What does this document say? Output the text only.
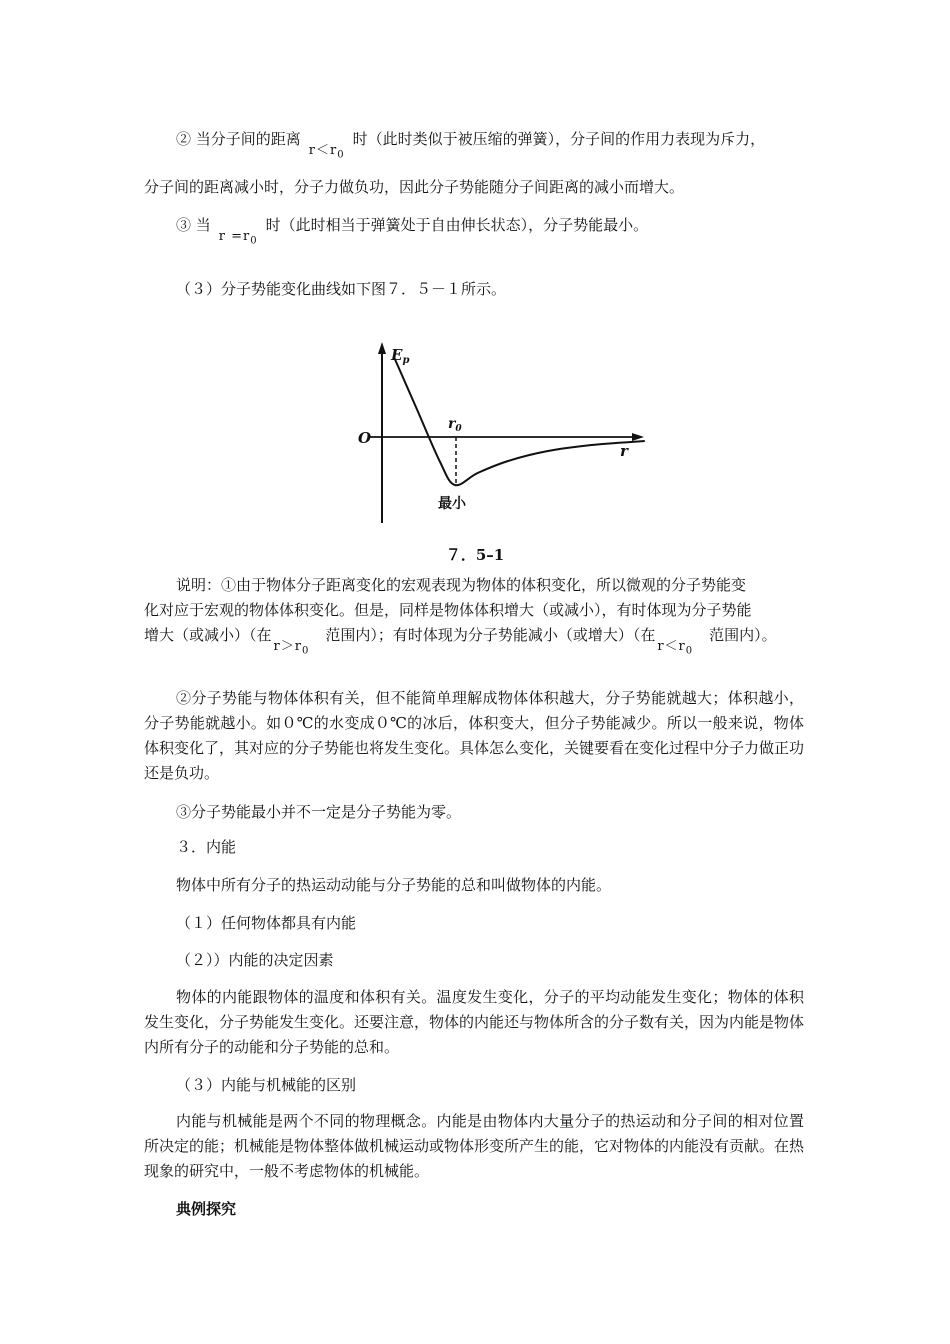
② 当分子间的距离$r<r_0$时（此时类似于被压缩的弹簧），分子间的作用力表现为斥力，
分子间的距离减小时，分子力做负功，因此分子势能随分子间距离的减小而增大。
③ 当$r =r_0$时（此时相当于弹簧处于自由伸长状态），分子势能最小。
（３）分子势能变化曲线如下图７．５－１所示。
$E_p$
O
r
$r_0$
最小
７．5–1
说明：①由于物体分子距离变化的宏观表现为物体的体积变化，所以微观的分子势能变
化对应于宏观的物体体积变化。但是，同样是物体体积增大（或减小），有时体现为分子势能
增大（或减小）（在$r>r_0$范围内）；有时体现为分子势能减小（或增大）（在$r<r_0$范围内）。
②分子势能与物体体积有关，但不能简单理解成物体体积越大，分子势能就越大；体积越小，分子势能就越小。如０℃的水变成０℃的冰后，体积变大，但分子势能减少。所以一般来说，物体体积变化了，其对应的分子势能也将发生变化。具体怎么变化，关键要看在变化过程中分子力做正功还是负功。
③分子势能最小并不一定是分子势能为零。
３．内能
物体中所有分子的热运动动能与分子势能的总和叫做物体的内能。
（１）任何物体都具有内能
（２））内能的决定因素
物体的内能跟物体的温度和体积有关。温度发生变化，分子的平均动能发生变化；物体的体积发生变化，分子势能发生变化。还要注意，物体的内能还与物体所含的分子数有关，因为内能是物体内所有分子的动能和分子势能的总和。
（３）内能与机械能的区别
内能与机械能是两个不同的物理概念。内能是由物体内大量分子的热运动和分子间的相对位置所决定的能；机械能是物体整体做机械运动或物体形变所产生的能，它对物体的内能没有贡献。在热现象的研究中，一般不考虑物体的机械能。
典例探究
